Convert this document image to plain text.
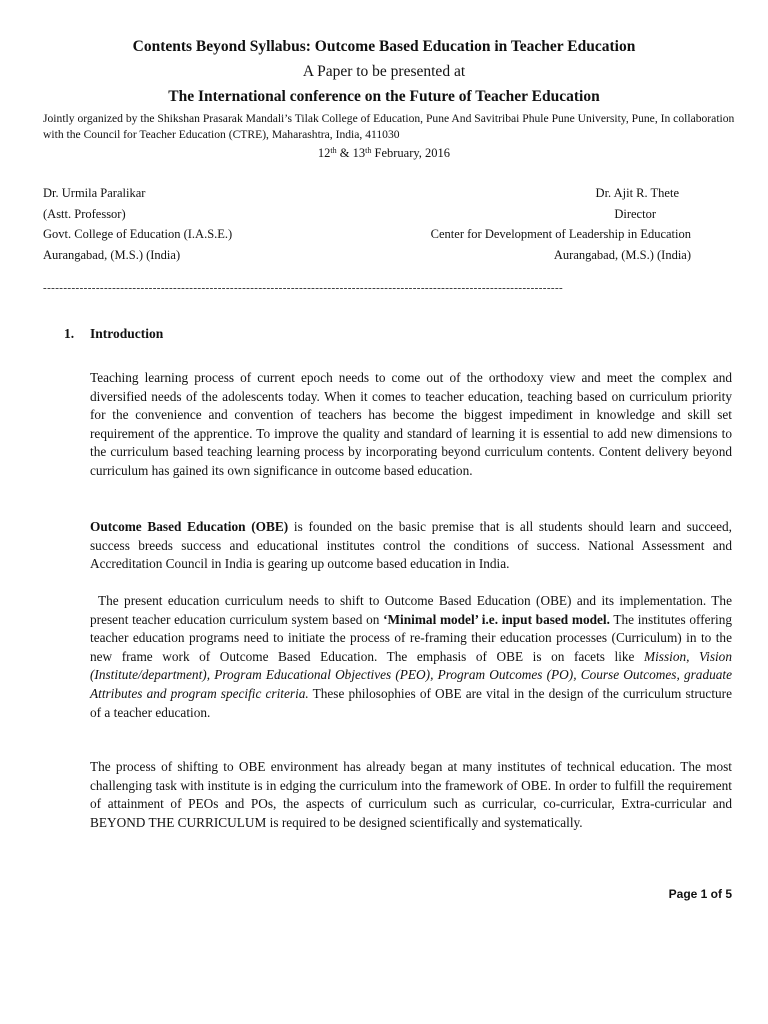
Contents Beyond Syllabus: Outcome Based Education in Teacher Education
A Paper to be presented at
The International conference on the Future of Teacher Education
Jointly organized by the Shikshan Prasarak Mandali’s Tilak College of Education, Pune And Savitribai Phule Pune University, Pune, In collaboration with the Council for Teacher Education (CTRE), Maharashtra, India, 411030
12th & 13th February, 2016
Dr. Urmila Paralikar
(Astt. Professor)
Govt. College of Education (I.A.S.E.)
Aurangabad, (M.S.) (India)
Dr. Ajit R. Thete
Director
Center for Development of Leadership in Education
Aurangabad, (M.S.) (India)
--------------------------------------------------------------------------------------------------------------------------------
1. Introduction

Teaching learning process of current epoch needs to come out of the orthodoxy view and meet the complex and diversified needs of the adolescents today. When it comes to teacher education, teaching based on curriculum priority for the convenience and convention of teachers has become the biggest impediment in knowledge and skill set requirement of the apprentice. To improve the quality and standard of learning it is essential to add new dimensions to the curriculum based teaching learning process by incorporating beyond curriculum contents. Content delivery beyond curriculum has gained its own significance in outcome based education.

Outcome Based Education (OBE) is founded on the basic premise that is all students should learn and succeed, success breeds success and educational institutes control the conditions of success. National Assessment and Accreditation Council in India is gearing up outcome based education in India.

The present education curriculum needs to shift to Outcome Based Education (OBE) and its implementation. The present teacher education curriculum system based on ‘Minimal model’ i.e. input based model. The institutes offering teacher education programs need to initiate the process of re-framing their education processes (Curriculum) in to the new frame work of Outcome Based Education. The emphasis of OBE is on facets like Mission, Vision (Institute/department), Program Educational Objectives (PEO), Program Outcomes (PO), Course Outcomes, graduate Attributes and program specific criteria. These philosophies of OBE are vital in the design of the curriculum structure of a teacher education.

The process of shifting to OBE environment has already began at many institutes of technical education. The most challenging task with institute is in edging the curriculum into the framework of OBE. In order to fulfill the requirement of attainment of PEOs and POs, the aspects of curriculum such as curricular, co-curricular, Extra-curricular and BEYOND THE CURRICULUM is required to be designed scientifically and systematically.

Page 1 of 5
